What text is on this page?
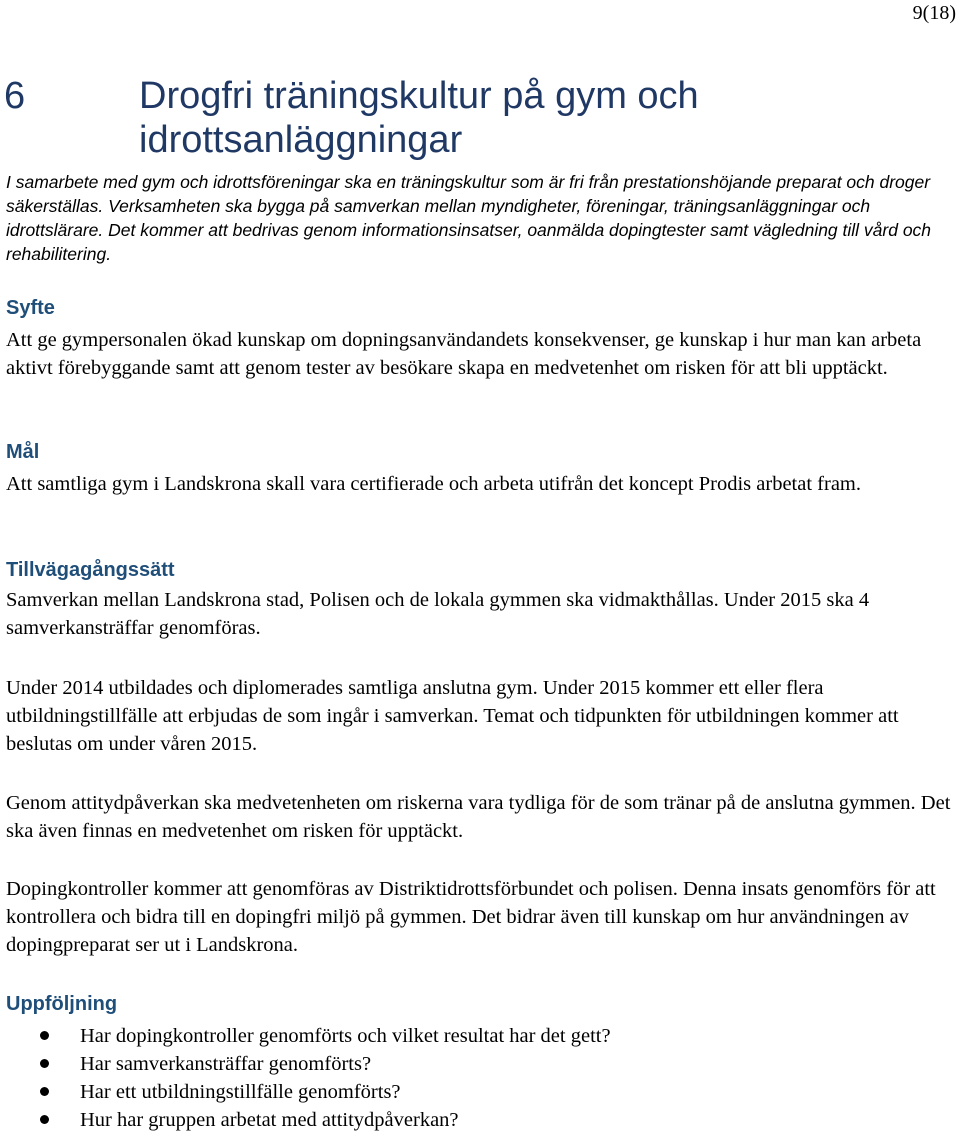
9(18)
6	Drogfri träningskultur på gym och idrottsanläggningar

I samarbete med gym och idrottsföreningar ska en träningskultur som är fri från prestationshöjande preparat och droger säkerställas. Verksamheten ska bygga på samverkan mellan myndigheter, föreningar, träningsanläggningar och idrottslärare. Det kommer att bedrivas genom informationsinsatser, oanmälda dopingtester samt vägledning till vård och rehabilitering.

Syfte

Att ge gympersonalen ökad kunskap om dopningsanvändandets konsekvenser, ge kunskap i hur man kan arbeta aktivt förebyggande samt att genom tester av besökare skapa en medvetenhet om risken för att bli upptäckt.

Mål

Att samtliga gym i Landskrona skall vara certifierade och arbeta utifrån det koncept Prodis arbetat fram.

Tillvägagångssätt

Samverkan mellan Landskrona stad, Polisen och de lokala gymmen ska vidmakthållas. Under 2015 ska 4 samverkansträffar genomföras.

Under 2014 utbildades och diplomerades samtliga anslutna gym. Under 2015 kommer ett eller flera utbildningstillfälle att erbjudas de som ingår i samverkan. Temat och tidpunkten för utbildningen kommer att beslutas om under våren 2015.

Genom attitydpåverkan ska medvetenheten om riskerna vara tydliga för de som tränar på de anslutna gymmen. Det ska även finnas en medvetenhet om risken för upptäckt.

Dopingkontroller kommer att genomföras av Distriktidrottsförbundet och polisen. Denna insats genomförs för att kontrollera och bidra till en dopingfri miljö på gymmen. Det bidrar även till kunskap om hur användningen av dopingpreparat ser ut i Landskrona.

Uppföljning
Har dopingkontroller genomförts och vilket resultat har det gett?
Har samverkansträffar genomförts?
Har ett utbildningstillfälle genomförts?
Hur har gruppen arbetat med attitydpåverkan?
